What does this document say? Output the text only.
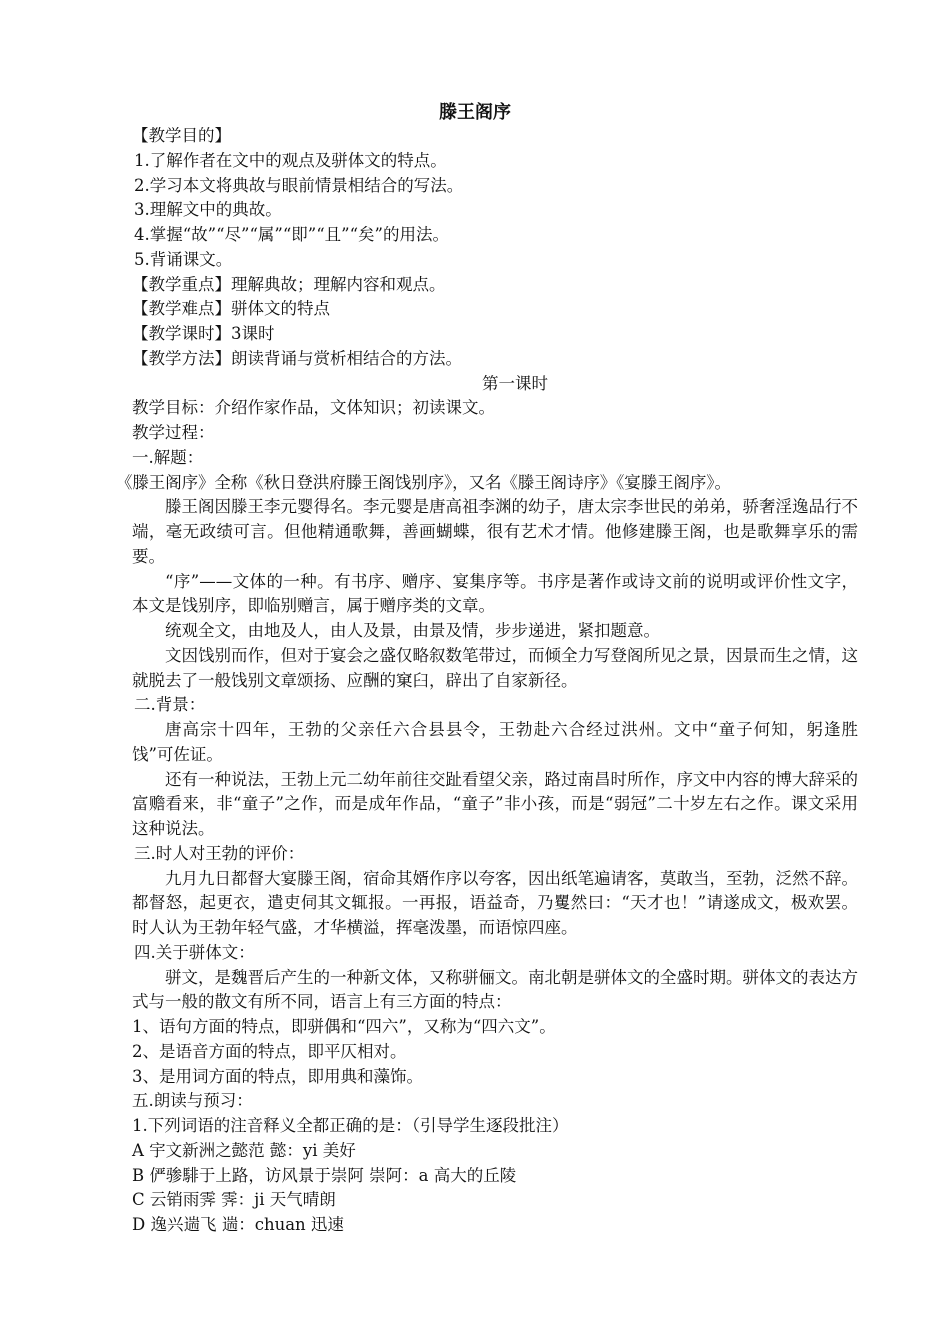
滕王阁序
【教学目的】
1.了解作者在文中的观点及骈体文的特点。
2.学习本文将典故与眼前情景相结合的写法。
3.理解文中的典故。
4.掌握“故”“尽”“属”“即”“且”“矣”的用法。
5.背诵课文。
【教学重点】理解典故；理解内容和观点。
【教学难点】骈体文的特点
【教学课时】3课时
【教学方法】朗读背诵与赏析相结合的方法。
第一课时
教学目标：介绍作家作品，文体知识；初读课文。
教学过程：
一.解题：
《滕王阁序》全称《秋日登洪府滕王阁饯别序》，又名《滕王阁诗序》《宴滕王阁序》。
滕王阁因滕王李元婴得名。李元婴是唐高祖李渊的幼子，唐太宗李世民的弟弟，骄奢淫逸品行不端，毫无政绩可言。但他精通歌舞，善画蝴蝶，很有艺术才情。他修建滕王阁，也是歌舞享乐的需要。
“序”——文体的一种。有书序、赠序、宴集序等。书序是著作或诗文前的说明或评价性文字，本文是饯别序，即临别赠言，属于赠序类的文章。
统观全文，由地及人，由人及景，由景及情，步步递进，紧扣题意。
文因饯别而作，但对于宴会之盛仅略叙数笔带过，而倾全力写登阁所见之景，因景而生之情，这就脱去了一般饯别文章颂扬、应酬的窠臼，辟出了自家新径。
二.背景：
唐高宗十四年，王勃的父亲任六合县县令，王勃赴六合经过洪州。文中“童子何知，躬逢胜饯”可佐证。
还有一种说法，王勃上元二幼年前往交趾看望父亲，路过南昌时所作，序文中内容的博大辞采的富赡看来，非“童子”之作，而是成年作品，“童子”非小孩，而是“弱冠”二十岁左右之作。课文采用这种说法。
三.时人对王勃的评价：
九月九日都督大宴滕王阁，宿命其婿作序以夸客，因出纸笔遍请客，莫敢当，至勃，泛然不辞。都督怒，起更衣，遣吏伺其文辄报。一再报，语益奇，乃矍然曰：“天才也！”请遂成文，极欢罢。时人认为王勃年轻气盛，才华横溢，挥毫泼墨，而语惊四座。
四.关于骈体文：
骈文，是魏晋后产生的一种新文体，又称骈俪文。南北朝是骈体文的全盛时期。骈体文的表达方式与一般的散文有所不同，语言上有三方面的特点：
1、语句方面的特点，即骈偶和“四六”，又称为“四六文”。
2、是语音方面的特点，即平仄相对。
3、是用词方面的特点，即用典和藻饰。
五.朗读与预习：
1.下列词语的注音释义全都正确的是：（引导学生逐段批注）
A 宇文新洲之懿范 懿：yi 美好
B 俨骖騑于上路，访风景于崇阿 崇阿：a 高大的丘陵
C 云销雨霁 霁：ji 天气晴朗
D 逸兴遄飞 遄：chuan 迅速
